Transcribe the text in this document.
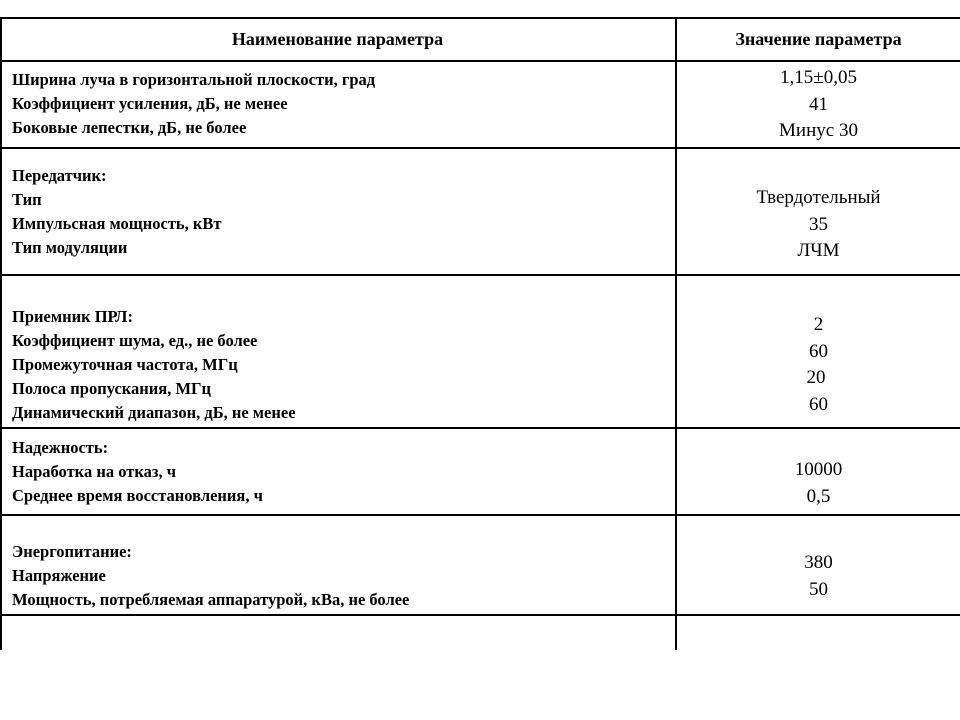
Наименование параметра	Значение параметра
Ширина луча в горизонтальной плоскости, град
Коэффициент усиления, дБ, не менее
Боковые лепестки, дБ, не более
1,15±0,05
41
Минус 30
Передатчик:
Тип
Импульсная мощность, кВт
Тип модуляции
Твердотельный
35
ЛЧМ
Приемник ПРЛ:
Коэффициент шума, ед., не более
Промежуточная частота, МГц
Полоса пропускания, МГц
Динамический диапазон, дБ, не менее
2
60
20
60
Надежность:
Наработка на отказ, ч
Среднее время восстановления, ч
10000
0,5
Энергопитание:
Напряжение
Мощность, потребляемая аппаратурой, кВа, не более
380
50
